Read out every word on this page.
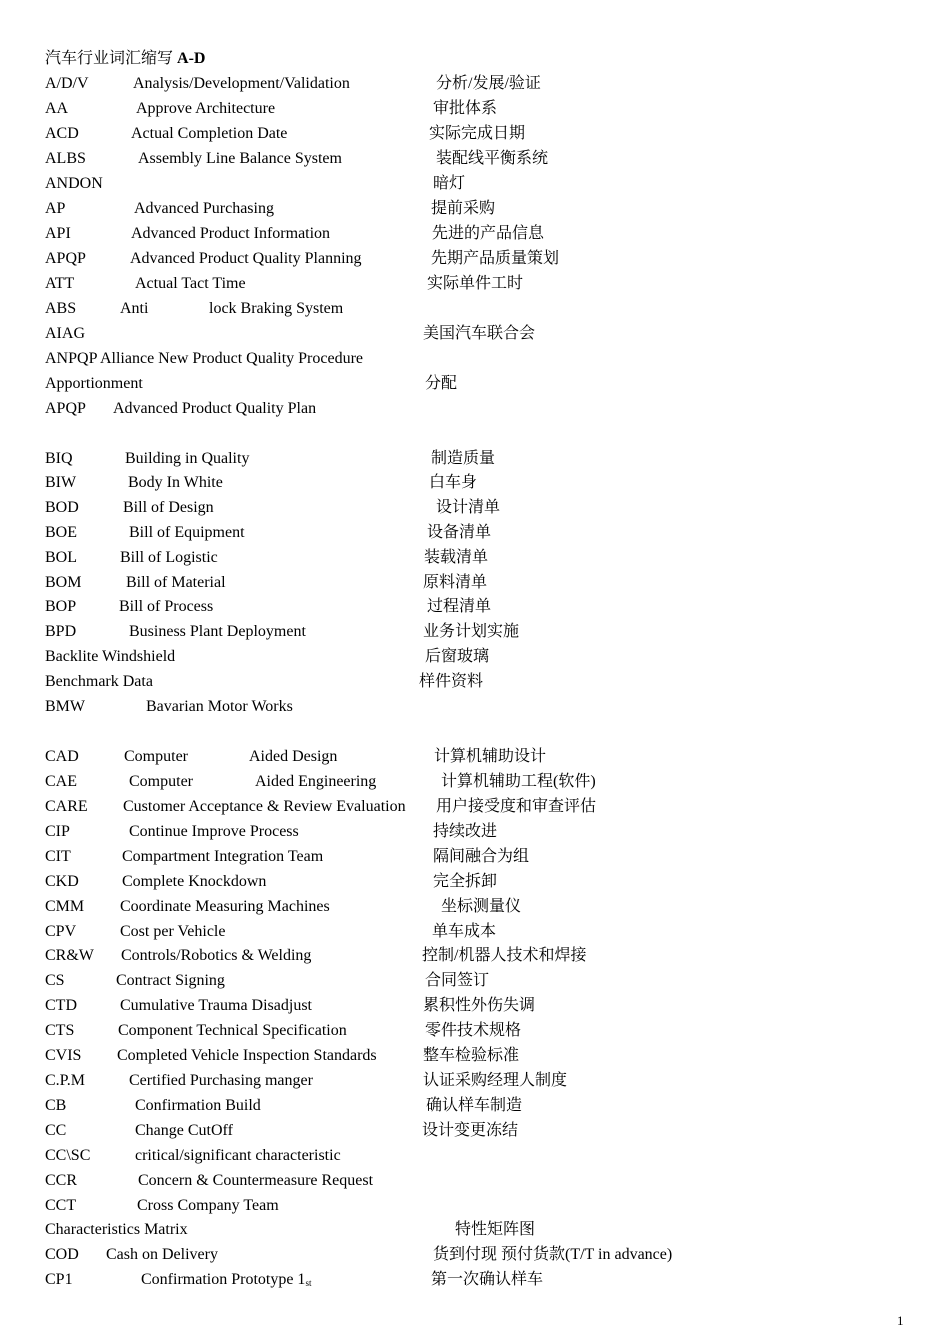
汽车行业词汇缩写 A-D
A/D/V	Analysis/Development/Validation	分析/发展/验证
AA	Approve Architecture	审批体系
ACD	Actual Completion Date	实际完成日期
ALBS	Assembly Line Balance System	装配线平衡系统
ANDON	暗灯
AP	Advanced Purchasing	提前采购
API	Advanced Product Information	先进的产品信息
APQP	Advanced Product Quality Planning	先期产品质量策划
ATT	Actual Tact Time	实际单件工时
ABS	Anti	lock Braking System
AIAG	美国汽车联合会
ANPQP Alliance New Product Quality Procedure
Apportionment	分配
APQP Advanced Product Quality Plan
BIQ	Building in Quality	制造质量
BIW	Body In White	白车身
BOD	Bill of Design	设计清单
BOE	Bill of Equipment	设备清单
BOL	Bill of Logistic	装载清单
BOM	Bill of Material	原料清单
BOP	Bill of Process	过程清单
BPD	Business Plant Deployment	业务计划实施
Backlite Windshield	后窗玻璃
Benchmark Data	样件资料
BMW	Bavarian Motor Works
CAD	Computer	Aided Design	计算机辅助设计
CAE	Computer	Aided Engineering	计算机辅助工程(软件)
CARE Customer Acceptance & Review Evaluation 用户接受度和审查评估
CIP	Continue Improve Process	持续改进
CIT	Compartment Integration Team	隔间融合为组
CKD	Complete Knockdown	完全拆卸
CMM Coordinate Measuring Machines	坐标测量仪
CPV	Cost per Vehicle	单车成本
CR&W Controls/Robotics & Welding	控制/机器人技术和焊接
CS	Contract Signing	合同签订
CTD	Cumulative Trauma Disadjust	累积性外伤失调
CTS	Component Technical Specification	零件技术规格
CVIS Completed Vehicle Inspection Standards	整车检验标准
C.P.M	Certified Purchasing manger	认证采购经理人制度
CB	Confirmation Build	确认样车制造
CC	Change CutOff	设计变更冻结
CC\SC	critical/significant characteristic
CCR	Concern & Countermeasure Request
CCT	Cross Company Team
Characteristics Matrix	特性矩阵图
COD Cash on Delivery	货到付现 预付货款(T/T in advance)
CP1	Confirmation Prototype $1_{st}$	第一次确认样车
1
